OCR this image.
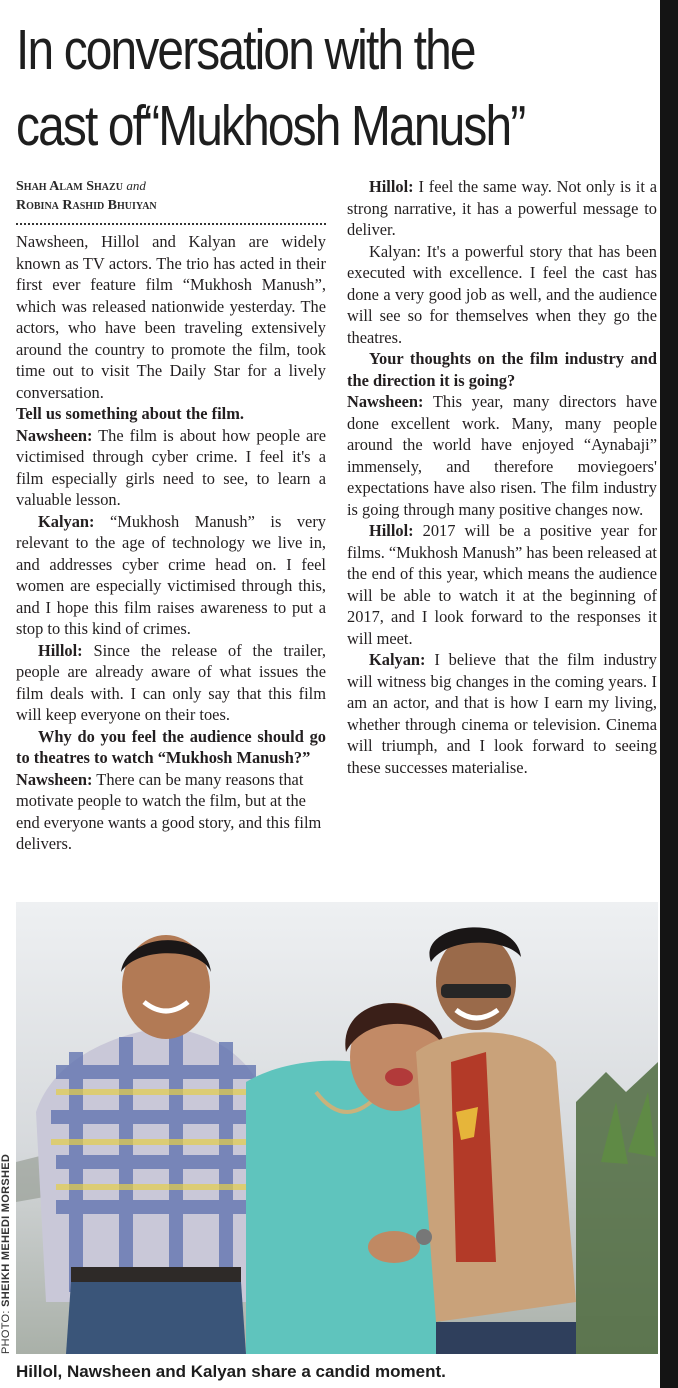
In conversation with the
cast of“Mukhosh Manush”
Shah Alam Shazu and
Robina Rashid Bhuiyan

Nawsheen, Hillol and Kalyan are widely known as TV actors. The trio has acted in their first ever feature film “Mukhosh Manush”, which was released nationwide yesterday. The actors, who have been traveling extensively around the country to promote the film, took time out to visit The Daily Star for a lively conversation.

Tell us something about the film.

Nawsheen: The film is about how people are victimised through cyber crime. I feel it's a film especially girls need to see, to learn a valuable lesson.

Kalyan: “Mukhosh Manush” is very relevant to the age of technology we live in, and addresses cyber crime head on. I feel women are especially victimised through this, and I hope this film raises awareness to put a stop to this kind of crimes.

Hillol: Since the release of the trailer, people are already aware of what issues the film deals with. I can only say that this film will keep everyone on their toes.

Why do you feel the audience should go to theatres to watch “Mukhosh Manush?”

Nawsheen: There can be many reasons that motivate people to watch the film, but at the end everyone wants a good story, and this film delivers.

Hillol: I feel the same way. Not only is it a strong narrative, it has a powerful message to deliver.

Kalyan: It's a powerful story that has been executed with excellence. I feel the cast has done a very good job as well, and the audience will see so for themselves when they go the theatres.

Your thoughts on the film industry and the direction it is going?

Nawsheen: This year, many directors have done excellent work. Many, many people around the world have enjoyed “Aynabaji” immensely, and therefore moviegoers' expectations have also risen. The film industry is going through many positive changes now.

Hillol: 2017 will be a positive year for films. “Mukhosh Manush” has been released at the end of this year, which means the audience will be able to watch it at the beginning of 2017, and I look forward to the responses it will meet.

Kalyan: I believe that the film industry will witness big changes in the coming years. I am an actor, and that is how I earn my living, whether through cinema or television. Cinema will triumph, and I look forward to seeing these successes materialise.

PHOTO: SHEIKH MEHEDI MORSHED
Hillol, Nawsheen and Kalyan share a candid moment.
